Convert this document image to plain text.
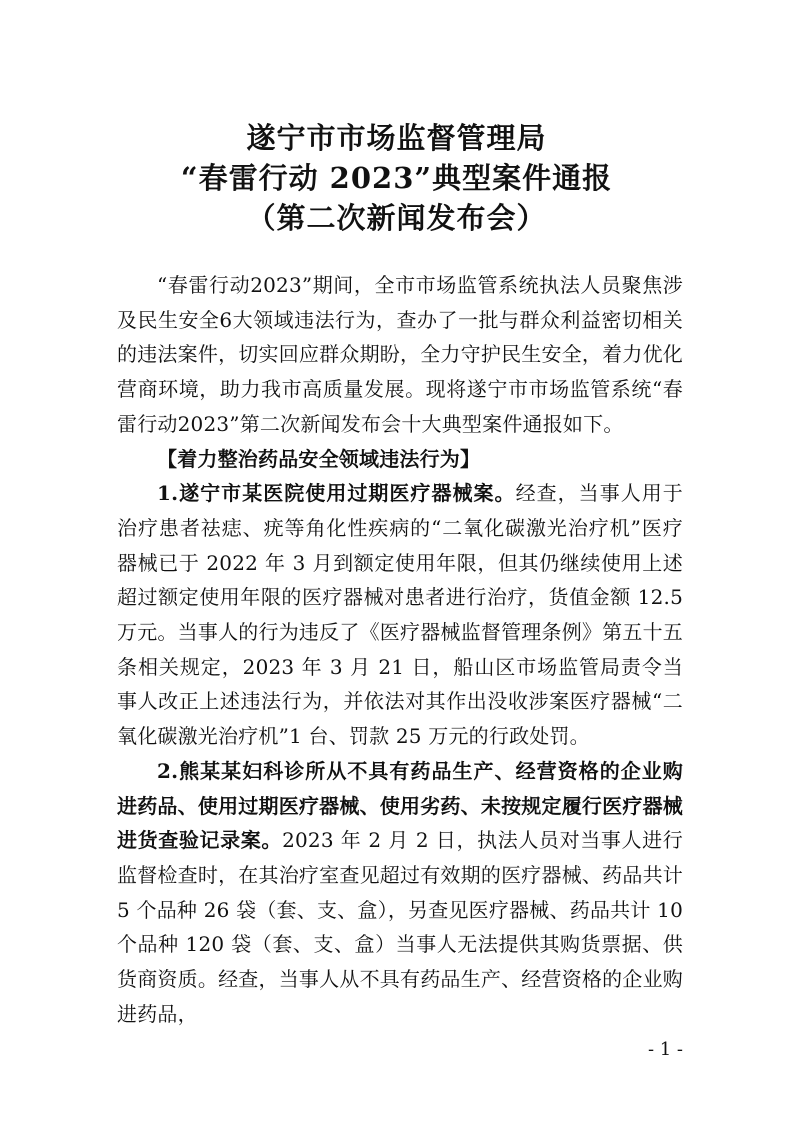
遂宁市市场监督管理局
“春雷行动 2023”典型案件通报
（第二次新闻发布会）

“春雷行动2023”期间，全市市场监管系统执法人员聚焦涉及民生安全6大领域违法行为，查办了一批与群众利益密切相关的违法案件，切实回应群众期盼，全力守护民生安全，着力优化营商环境，助力我市高质量发展。现将遂宁市市场监管系统“春雷行动2023”第二次新闻发布会十大典型案件通报如下。

【着力整治药品安全领域违法行为】

1.遂宁市某医院使用过期医疗器械案。经查，当事人用于治疗患者祛痣、疣等角化性疾病的“二氧化碳激光治疗机”医疗器械已于 2022 年 3 月到额定使用年限，但其仍继续使用上述超过额定使用年限的医疗器械对患者进行治疗，货值金额 12.5 万元。当事人的行为违反了《医疗器械监督管理条例》第五十五条相关规定，2023 年 3 月 21 日，船山区市场监管局责令当事人改正上述违法行为，并依法对其作出没收涉案医疗器械“二氧化碳激光治疗机”1 台、罚款 25 万元的行政处罚。

2.熊某某妇科诊所从不具有药品生产、经营资格的企业购进药品、使用过期医疗器械、使用劣药、未按规定履行医疗器械进货查验记录案。2023 年 2 月 2 日，执法人员对当事人进行监督检查时，在其治疗室查见超过有效期的医疗器械、药品共计 5 个品种 26 袋（套、支、盒），另查见医疗器械、药品共计 10 个品种 120 袋（套、支、盒）当事人无法提供其购货票据、供货商资质。经查，当事人从不具有药品生产、经营资格的企业购进药品，

- 1 -
